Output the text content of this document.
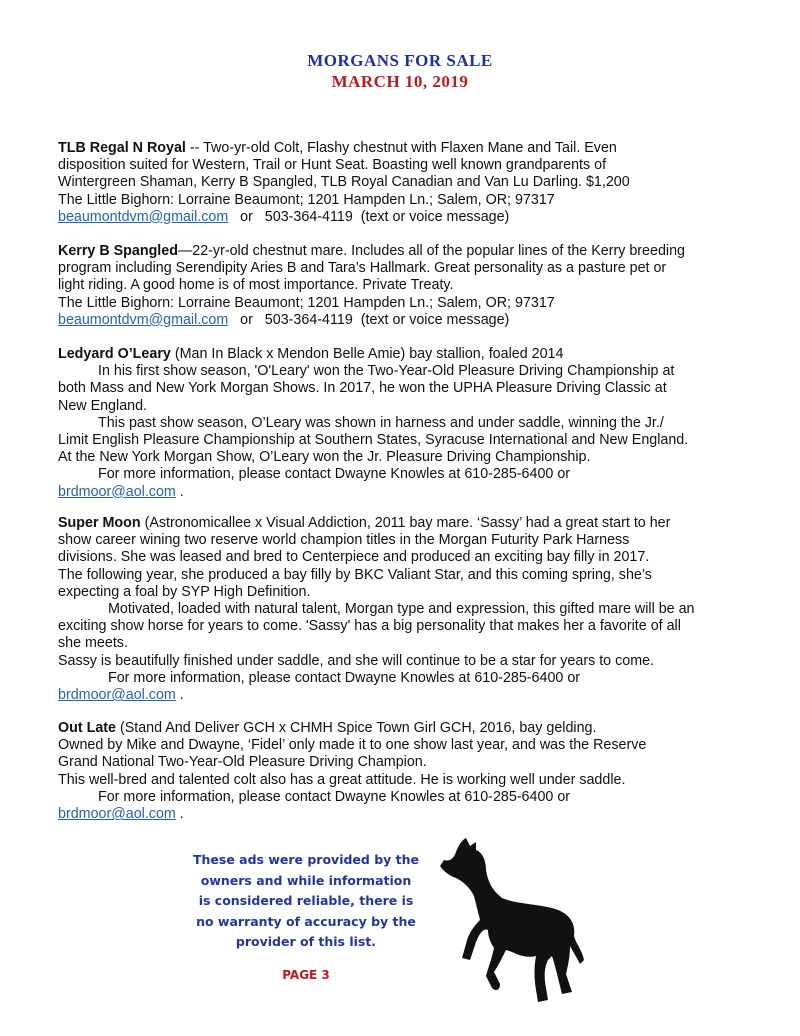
MORGANS FOR SALE
MARCH 10, 2019

TLB Regal N Royal -- Two-yr-old Colt, Flashy chestnut with Flaxen Mane and Tail. Even

disposition suited for Western, Trail or Hunt Seat. Boasting well known grandparents of

Wintergreen Shaman, Kerry B Spangled, TLB Royal Canadian and Van Lu Darling. $1,200

The Little Bighorn: Lorraine Beaumont; 1201 Hampden Ln.; Salem, OR; 97317

beaumontdvm@gmail.com   or   503-364-4119  (text or voice message)

Kerry B Spangled—22-yr-old chestnut mare. Includes all of the popular lines of the Kerry breeding

program including Serendipity Aries B and Tara’s Hallmark. Great personality as a pasture pet or

light riding. A good home is of most importance. Private Treaty.

The Little Bighorn: Lorraine Beaumont; 1201 Hampden Ln.; Salem, OR; 97317

beaumontdvm@gmail.com   or   503-364-4119  (text or voice message)

Ledyard O’Leary (Man In Black x Mendon Belle Amie) bay stallion, foaled 2014

In his first show season, 'O'Leary' won the Two-Year-Old Pleasure Driving Championship at

both Mass and New York Morgan Shows. In 2017, he won the UPHA Pleasure Driving Classic at

New England.

This past show season, O’Leary was shown in harness and under saddle, winning the Jr./

Limit English Pleasure Championship at Southern States, Syracuse International and New England.

At the New York Morgan Show, O’Leary won the Jr. Pleasure Driving Championship.

For more information, please contact Dwayne Knowles at 610-285-6400 or

brdmoor@aol.com .

Super Moon (Astronomicallee x Visual Addiction, 2011 bay mare. ‘Sassy’ had a great start to her

show career wining two reserve world champion titles in the Morgan Futurity Park Harness

divisions. She was leased and bred to Centerpiece and produced an exciting bay filly in 2017.

The following year, she produced a bay filly by BKC Valiant Star, and this coming spring, she’s

expecting a foal by SYP High Definition.

Motivated, loaded with natural talent, Morgan type and expression, this gifted mare will be an

exciting show horse for years to come. 'Sassy' has a big personality that makes her a favorite of all

she meets.

Sassy is beautifully finished under saddle, and she will continue to be a star for years to come.

For more information, please contact Dwayne Knowles at 610-285-6400 or

brdmoor@aol.com .

Out Late (Stand And Deliver GCH x CHMH Spice Town Girl GCH, 2016, bay gelding.

Owned by Mike and Dwayne, ‘Fidel’ only made it to one show last year, and was the Reserve

Grand National Two-Year-Old Pleasure Driving Champion.

This well-bred and talented colt also has a great attitude. He is working well under saddle.

For more information, please contact Dwayne Knowles at 610-285-6400 or

brdmoor@aol.com .

These ads were provided by the
owners and while information
is considered reliable, there is
no warranty of accuracy by the
provider of this list.
PAGE 3
